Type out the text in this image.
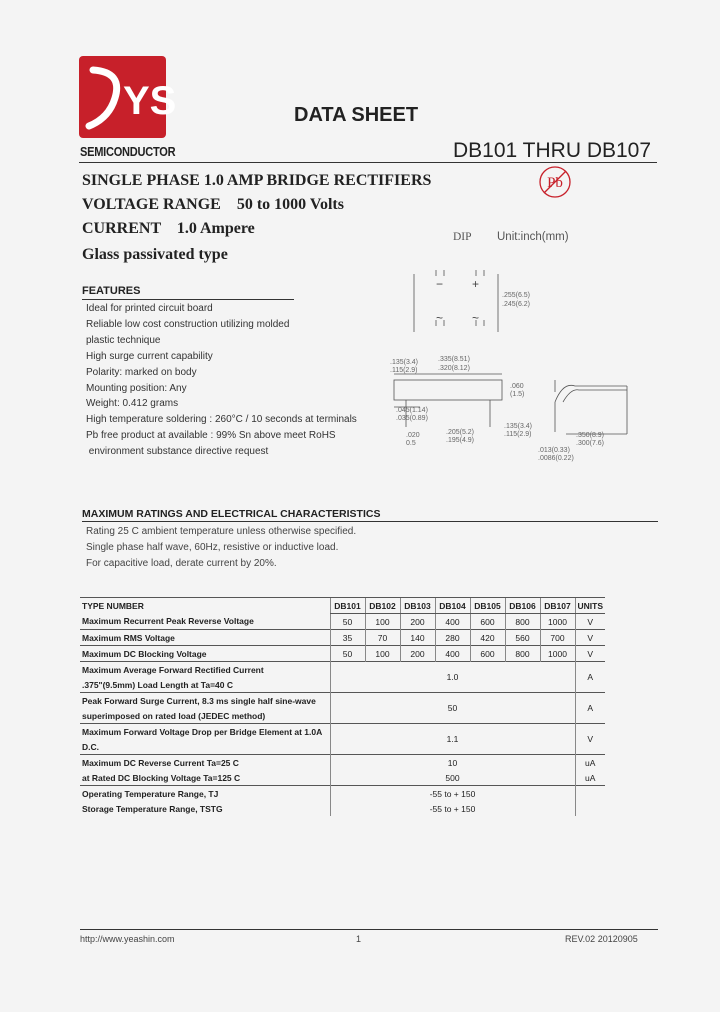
YS
SEMICONDUCTOR
DATA SHEET
DB101 THRU DB107
SINGLE PHASE 1.0 AMP BRIDGE RECTIFIERS
VOLTAGE RANGE    50 to 1000 Volts
CURRENT    1.0 Ampere
Glass passivated type
Pb
DIP Unit:inch(mm)
− +
~ ~
.255(6.5)
.245(6.2)
.135(3.4)
.115(2.9)
.335(8.51)
.320(8.12)
.060
(1.5)
.045(1.14)
.035(0.89)
.020
0.5
.205(5.2)
.195(4.9)
.135(3.4)
.115(2.9)	.350(8.9)
.300(7.6)
.013(0.33)
.0086(0.22)
FEATURES
Ideal for printed circuit board
Reliable low cost construction utilizing molded
plastic technique
High surge current capability
Polarity: marked on body
Mounting position: Any
Weight: 0.412 grams
High temperature soldering : 260°C / 10 seconds at terminals
Pb free product at available : 99% Sn above meet RoHS
environment substance directive request
MAXIMUM RATINGS AND ELECTRICAL CHARACTERISTICS
Rating 25 C ambient temperature unless otherwise specified.
Single phase half wave, 60Hz, resistive or inductive load.
For capacitive load, derate current by 20%.
TYPE NUMBER	DB101	DB102	DB103	DB104	DB105	DB106	DB107	UNITS
Maximum Recurrent Peak Reverse Voltage	50	100	200	400	600	800	1000	V
Maximum RMS Voltage	35	70	140	280	420	560	700	V
Maximum DC Blocking Voltage	50	100	200	400	600	800	1000	V
Maximum Average Forward Rectified Current	1.0							A
.375"(9.5mm) Load Length at Ta=40 C								
Peak Forward Surge Current, 8.3 ms single half sine-wave	50							A
superimposed on rated load (JEDEC method)								
Maximum Forward Voltage Drop per Bridge Element at 1.0A	1.1							V
D.C.								
Maximum DC Reverse Current Ta=25 C	10							uA
at Rated DC Blocking Voltage Ta=125 C	500							uA
Operating Temperature Range, TJ	-55 to + 150							
Storage Temperature Range, TSTG	-55 to + 150							
http://www.yeashin.com	1	REV.02 20120905
